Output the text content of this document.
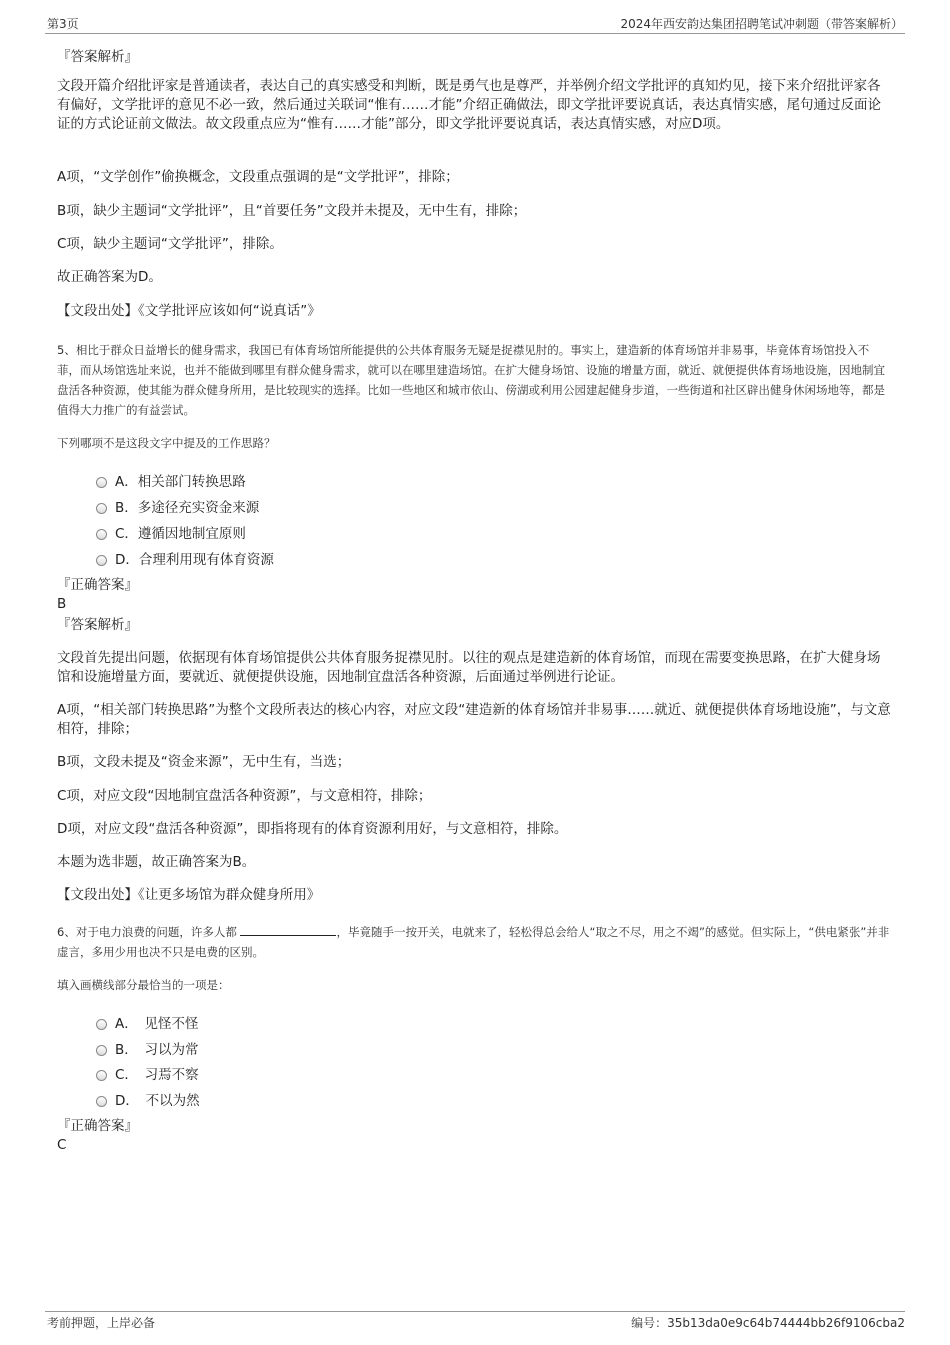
第3页	2024年西安韵达集团招聘笔试冲刺题（带答案解析）
『答案解析』
文段开篇介绍批评家是普通读者，表达自己的真实感受和判断，既是勇气也是尊严，并举例介绍文学批评的真知灼见，接下来介绍批评家各有偏好，文学批评的意见不必一致，然后通过关联词“惟有……才能”介绍正确做法，即文学批评要说真话，表达真情实感，尾句通过反面论证的方式论证前文做法。故文段重点应为“惟有……才能”部分，即文学批评要说真话，表达真情实感，对应D项。
A项，“文学创作”偷换概念，文段重点强调的是“文学批评”，排除；
B项，缺少主题词“文学批评”，且“首要任务”文段并未提及，无中生有，排除；
C项，缺少主题词“文学批评”，排除。
故正确答案为D。
【文段出处】《文学批评应该如何“说真话”》
5、相比于群众日益增长的健身需求，我国已有体育场馆所能提供的公共体育服务无疑是捉襟见肘的。事实上，建造新的体育场馆并非易事，毕竟体育场馆投入不菲，而从场馆选址来说，也并不能做到哪里有群众健身需求，就可以在哪里建造场馆。在扩大健身场馆、设施的增量方面，就近、就便提供体育场地设施，因地制宜盘活各种资源，使其能为群众健身所用，是比较现实的选择。比如一些地区和城市依山、傍湖或利用公园建起健身步道，一些街道和社区辟出健身休闲场地等，都是值得大力推广的有益尝试。
下列哪项不是这段文字中提及的工作思路？
A．相关部门转换思路
B．多途径充实资金来源
C．遵循因地制宜原则
D．合理利用现有体育资源
『正确答案』
B
『答案解析』
文段首先提出问题，依据现有体育场馆提供公共体育服务捉襟见肘。以往的观点是建造新的体育场馆，而现在需要变换思路，在扩大健身场馆和设施增量方面，要就近、就便提供设施，因地制宜盘活各种资源，后面通过举例进行论证。
A项，“相关部门转换思路”为整个文段所表达的核心内容，对应文段“建造新的体育场馆并非易事……就近、就便提供体育场地设施”，与文意相符，排除；
B项，文段未提及“资金来源”，无中生有，当选；
C项，对应文段“因地制宜盘活各种资源”，与文意相符，排除；
D项，对应文段“盘活各种资源”，即指将现有的体育资源利用好，与文意相符，排除。
本题为选非题，故正确答案为B。
【文段出处】《让更多场馆为群众健身所用》
6、对于电力浪费的问题，许多人都	，毕竟随手一按开关，电就来了，轻松得总会给人“取之不尽，用之不竭”的感觉。但实际上，“供电紧张”并非虚言，多用少用也决不只是电费的区别。
填入画横线部分最恰当的一项是：
A．　见怪不怪
B．　习以为常
C．　习焉不察
D．　不以为然
『正确答案』
C
考前押题，上岸必备	编号：35b13da0e9c64b74444bb26f9106cba2
